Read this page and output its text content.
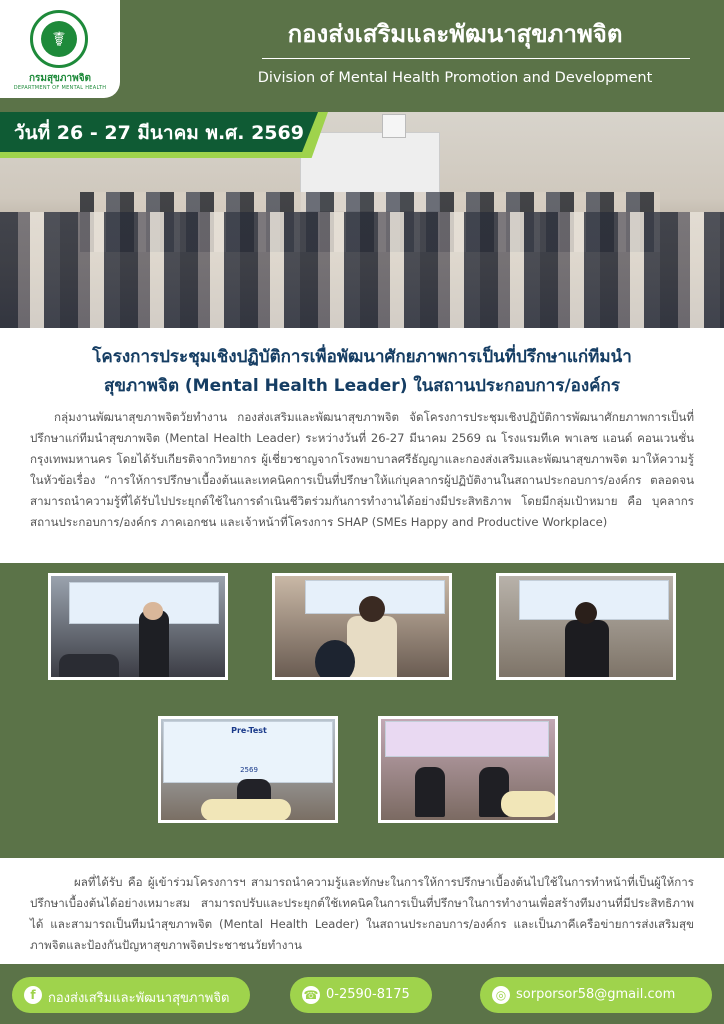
☤
กรมสุขภาพจิต
DEPARTMENT OF MENTAL HEALTH
กองส่งเสริมและพัฒนาสุขภาพจิต
Division of Mental Health Promotion and Development
วันที่ 26 - 27 มีนาคม พ.ศ. 2569
โครงการประชุมเชิงปฏิบัติการเพื่อพัฒนาศักยภาพการเป็นที่ปรึกษาแก่ทีมนำ
สุขภาพจิต (Mental Health Leader) ในสถานประกอบการ/องค์กร
กลุ่มงานพัฒนาสุขภาพจิตวัยทำงาน กองส่งเสริมและพัฒนาสุขภาพจิต จัดโครงการประชุมเชิงปฏิบัติการพัฒนาศักยภาพการเป็นที่ปรึกษาแก่ทีมนำสุขภาพจิต (Mental Health Leader) ระหว่างวันที่ 26-27 มีนาคม 2569 ณ โรงแรมทีเค พาเลซ แอนด์ คอนเวนชั่น กรุงเทพมหานคร โดยได้รับเกียรติจากวิทยากร ผู้เชี่ยวชาญจากโรงพยาบาลศรีธัญญาและกองส่งเสริมและพัฒนาสุขภาพจิต มาให้ความรู้ในหัวข้อเรื่อง “การให้การปรึกษาเบื้องต้นและเทคนิคการเป็นที่ปรึกษาให้แก่บุคลากรผู้ปฏิบัติงานในสถานประกอบการ/องค์กร ตลอดจนสามารถนำความรู้ที่ได้รับไปประยุกต์ใช้ในการดำเนินชีวิตร่วมกันการทำงานได้อย่างมีประสิทธิภาพ โดยมีกลุ่มเป้าหมาย คือ บุคลากรสถานประกอบการ/องค์กร ภาคเอกชน และเจ้าหน้าที่โครงการ SHAP (SMEs Happy and Productive Workplace)
Pre-Test
2569
ผลที่ได้รับ คือ ผู้เข้าร่วมโครงการฯ สามารถนำความรู้และทักษะในการให้การปรึกษาเบื้องต้นไปใช้ในการทำหน้าที่เป็นผู้ให้การปรึกษาเบื้องต้นได้อย่างเหมาะสม สามารถปรับและประยุกต์ใช้เทคนิคในการเป็นที่ปรึกษาในการทำงานเพื่อสร้างทีมงานที่มีประสิทธิภาพได้ และสามารถเป็นทีมนำสุขภาพจิต (Mental Health Leader) ในสถานประกอบการ/องค์กร และเป็นภาคีเครือข่ายการส่งเสริมสุขภาพจิตและป้องกันปัญหาสุขภาพจิตประชาชนวัยทำงาน
f กองส่งเสริมและพัฒนาสุขภาพจิต	☎ 0-2590-8175	◎ sorporsor58@gmail.com
